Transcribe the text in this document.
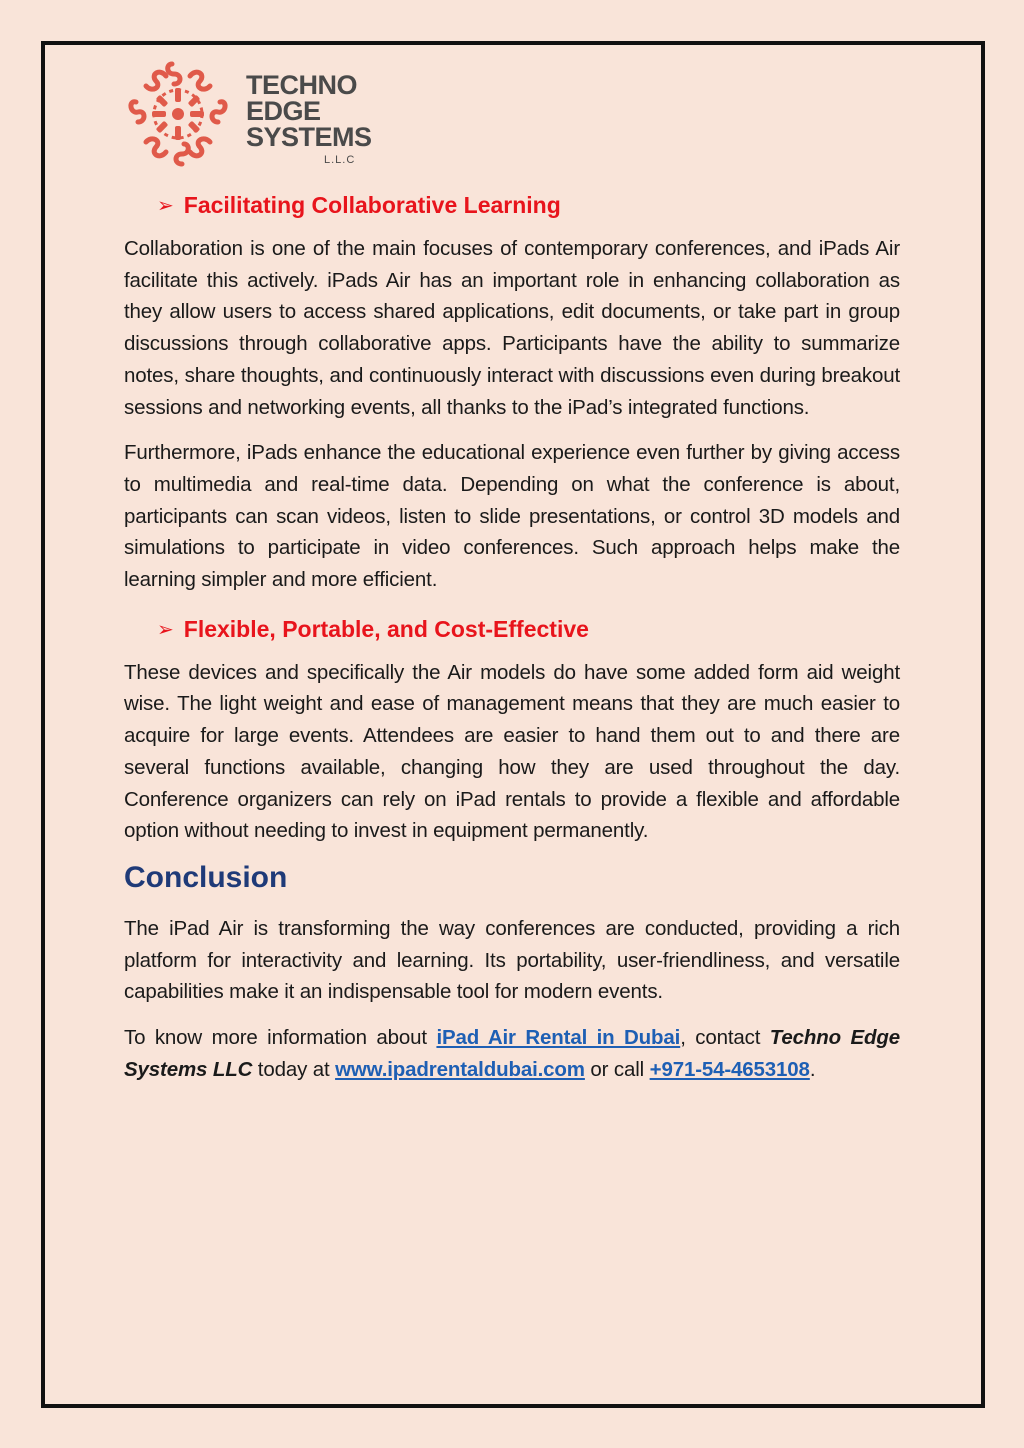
TECHNO
EDGE
SYSTEMS
L.L.C
➢ Facilitating Collaborative Learning

Collaboration is one of the main focuses of contemporary conferences, and iPads Air facilitate this actively. iPads Air has an important role in enhancing collaboration as they allow users to access shared applications, edit documents, or take part in group discussions through collaborative apps. Participants have the ability to summarize notes, share thoughts, and continuously interact with discussions even during breakout sessions and networking events, all thanks to the iPad’s integrated functions.

Furthermore, iPads enhance the educational experience even further by giving access to multimedia and real-time data. Depending on what the conference is about, participants can scan videos, listen to slide presentations, or control 3D models and simulations to participate in video conferences. Such approach helps make the learning simpler and more efficient.

➢ Flexible, Portable, and Cost-Effective

These devices and specifically the Air models do have some added form aid weight wise. The light weight and ease of management means that they are much easier to acquire for large events. Attendees are easier to hand them out to and there are several functions available, changing how they are used throughout the day. Conference organizers can rely on iPad rentals to provide a flexible and affordable option without needing to invest in equipment permanently.

Conclusion

The iPad Air is transforming the way conferences are conducted, providing a rich platform for interactivity and learning. Its portability, user-friendliness, and versatile capabilities make it an indispensable tool for modern events.

To know more information about iPad Air Rental in Dubai, contact Techno Edge Systems LLC today at www.ipadrentaldubai.com or call +971-54-4653108.
